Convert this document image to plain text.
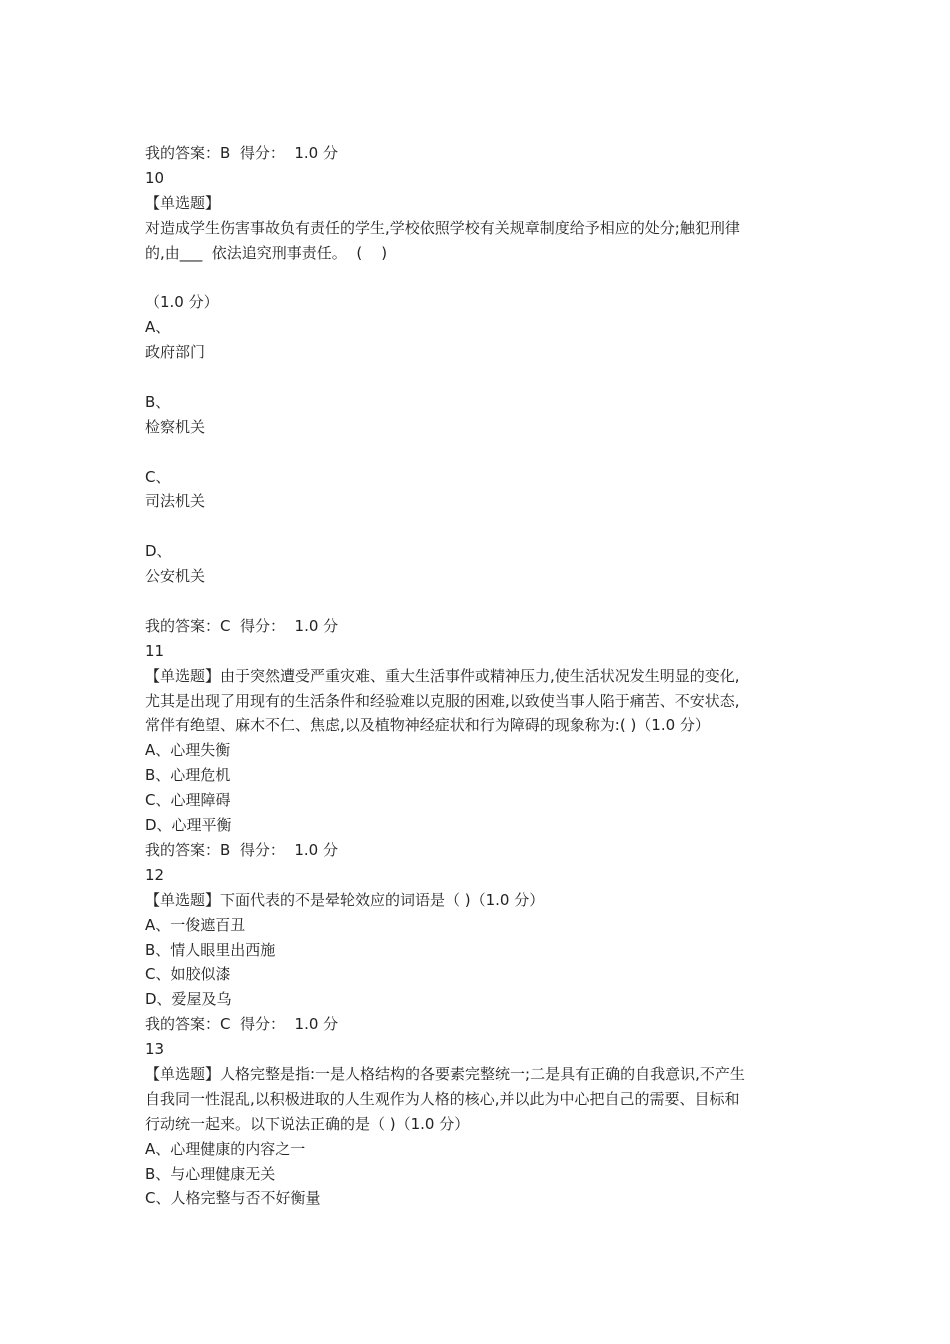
我的答案：B  得分：  1.0 分
10
【单选题】
对造成学生伤害事故负有责任的学生,学校依照学校有关规章制度给予相应的处分;触犯刑律
的,由___  依法追究刑事责任。  (    )
（1.0 分）
A、
政府部门
B、
检察机关
C、
司法机关
D、
公安机关
我的答案：C  得分：  1.0 分
11
【单选题】由于突然遭受严重灾难、重大生活事件或精神压力,使生活状况发生明显的变化,
尤其是出现了用现有的生活条件和经验难以克服的困难,以致使当事人陷于痛苦、不安状态,
常伴有绝望、麻木不仁、焦虑,以及植物神经症状和行为障碍的现象称为:( )（1.0 分）
A、心理失衡
B、心理危机
C、心理障碍
D、心理平衡
我的答案：B  得分：  1.0 分
12
【单选题】下面代表的不是晕轮效应的词语是（ )（1.0 分）
A、一俊遮百丑
B、情人眼里出西施
C、如胶似漆
D、爱屋及乌
我的答案：C  得分：  1.0 分
13
【单选题】人格完整是指:一是人格结构的各要素完整统一;二是具有正确的自我意识,不产生
自我同一性混乱,以积极进取的人生观作为人格的核心,并以此为中心把自己的需要、目标和
行动统一起来。以下说法正确的是（ )（1.0 分）
A、心理健康的内容之一
B、与心理健康无关
C、人格完整与否不好衡量
